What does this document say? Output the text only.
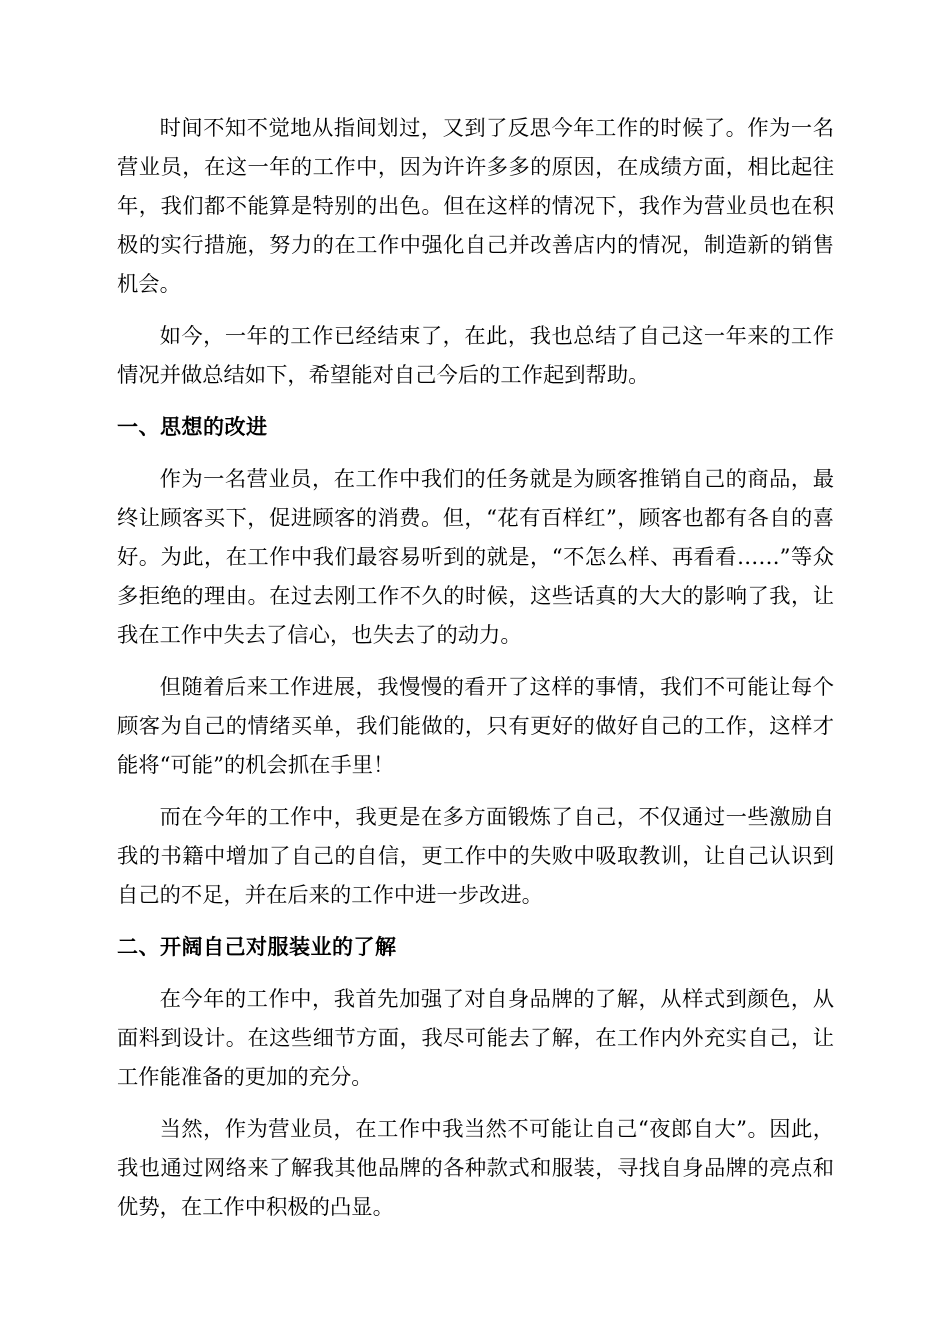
时间不知不觉地从指间划过，又到了反思今年工作的时候了。作为一名营业员，在这一年的工作中，因为许许多多的原因，在成绩方面，相比起往年，我们都不能算是特别的出色。但在这样的情况下，我作为营业员也在积极的实行措施，努力的在工作中强化自己并改善店内的情况，制造新的销售机会。

如今，一年的工作已经结束了，在此，我也总结了自己这一年来的工作情况并做总结如下，希望能对自己今后的工作起到帮助。

一、思想的改进

作为一名营业员，在工作中我们的任务就是为顾客推销自己的商品，最终让顾客买下，促进顾客的消费。但，“花有百样红”，顾客也都有各自的喜好。为此，在工作中我们最容易听到的就是，“不怎么样、再看看……”等众多拒绝的理由。在过去刚工作不久的时候，这些话真的大大的影响了我，让我在工作中失去了信心，也失去了的动力。

但随着后来工作进展，我慢慢的看开了这样的事情，我们不可能让每个顾客为自己的情绪买单，我们能做的，只有更好的做好自己的工作，这样才能将“可能”的机会抓在手里！

而在今年的工作中，我更是在多方面锻炼了自己，不仅通过一些激励自我的书籍中增加了自己的自信，更工作中的失败中吸取教训，让自己认识到自己的不足，并在后来的工作中进一步改进。

二、开阔自己对服装业的了解

在今年的工作中，我首先加强了对自身品牌的了解，从样式到颜色，从面料到设计。在这些细节方面，我尽可能去了解，在工作内外充实自己，让工作能准备的更加的充分。

当然，作为营业员，在工作中我当然不可能让自己“夜郎自大”。因此，我也通过网络来了解我其他品牌的各种款式和服装，寻找自身品牌的亮点和优势，在工作中积极的凸显。
